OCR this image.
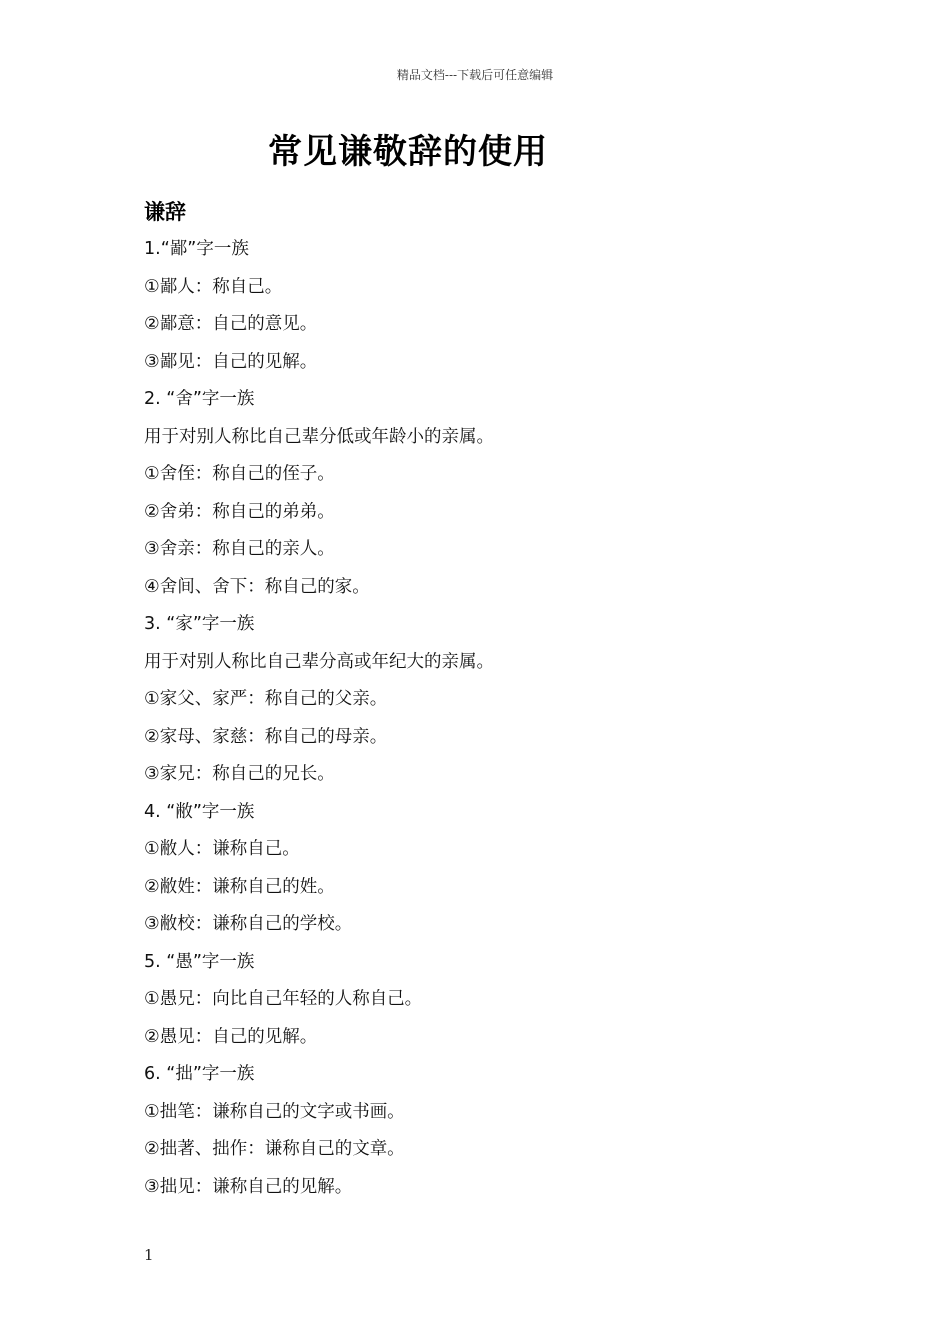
精品文档---下载后可任意编辑
常见谦敬辞的使用
谦辞
1.“鄙”字一族
①鄙人：称自己。
②鄙意：自己的意见。
③鄙见：自己的见解。
2. “舍”字一族
用于对别人称比自己辈分低或年龄小的亲属。
①舍侄：称自己的侄子。
②舍弟：称自己的弟弟。
③舍亲：称自己的亲人。
④舍间、舍下：称自己的家。
3. “家”字一族
用于对别人称比自己辈分高或年纪大的亲属。
①家父、家严：称自己的父亲。
②家母、家慈：称自己的母亲。
③家兄：称自己的兄长。
4. “敝”字一族
①敝人：谦称自己。
②敝姓：谦称自己的姓。
③敝校：谦称自己的学校。
5. “愚”字一族
①愚兄：向比自己年轻的人称自己。
②愚见：自己的见解。
6. “拙”字一族
①拙笔：谦称自己的文字或书画。
②拙著、拙作：谦称自己的文章。
③拙见：谦称自己的见解。
1
